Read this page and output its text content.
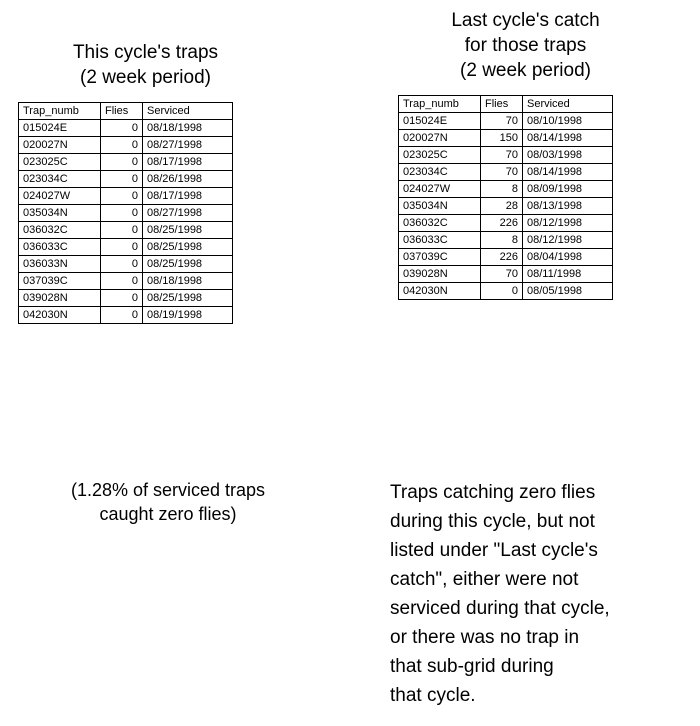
This cycle's traps
(2 week period)
Trap_numb	Flies	Serviced
015024E	0	08/18/1998
020027N	0	08/27/1998
023025C	0	08/17/1998
023034C	0	08/26/1998
024027W	0	08/17/1998
035034N	0	08/27/1998
036032C	0	08/25/1998
036033C	0	08/25/1998
036033N	0	08/25/1998
037039C	0	08/18/1998
039028N	0	08/25/1998
042030N	0	08/19/1998
Last cycle's catch
for those traps
(2 week period)
Trap_numb	Flies	Serviced
015024E	70	08/10/1998
020027N	150	08/14/1998
023025C	70	08/03/1998
023034C	70	08/14/1998
024027W	8	08/09/1998
035034N	28	08/13/1998
036032C	226	08/12/1998
036033C	8	08/12/1998
037039C	226	08/04/1998
039028N	70	08/11/1998
042030N	0	08/05/1998
(1.28% of serviced traps
caught zero flies)
Traps catching zero flies
during this cycle, but not
listed under "Last cycle's
catch", either were not
serviced during that cycle,
or there was no trap in
that sub-grid during
that cycle.
